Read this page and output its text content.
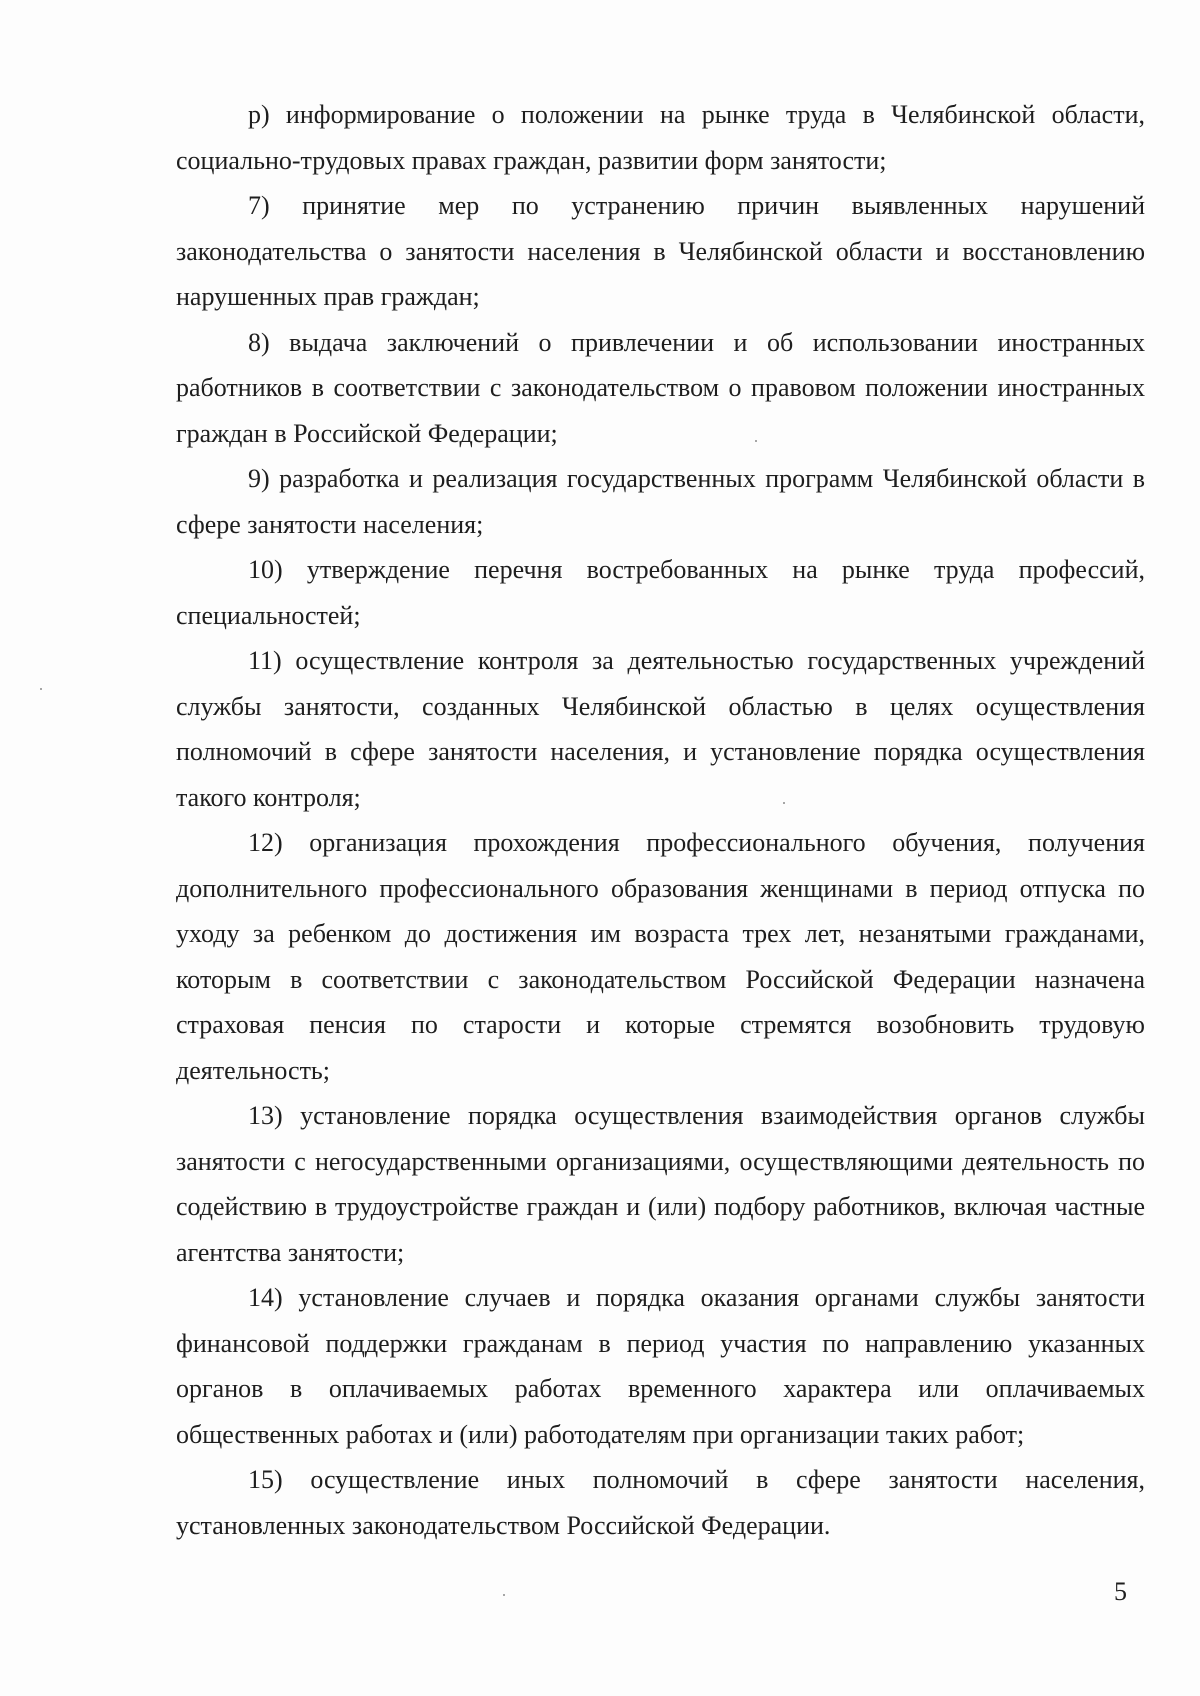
р) информирование о положении на рынке труда в Челябинской области, социально-трудовых правах граждан, развитии форм занятости;

7) принятие мер по устранению причин выявленных нарушений законодательства о занятости населения в Челябинской области и восстановлению нарушенных прав граждан;

8) выдача заключений о привлечении и об использовании иностранных работников в соответствии с законодательством о правовом положении иностранных граждан в Российской Федерации;

9) разработка и реализация государственных программ Челябинской области в сфере занятости населения;

10) утверждение перечня востребованных на рынке труда профессий, специальностей;

11) осуществление контроля за деятельностью государственных учреждений службы занятости, созданных Челябинской областью в целях осуществления полномочий в сфере занятости населения, и установление порядка осуществления такого контроля;

12) организация прохождения профессионального обучения, получения дополнительного профессионального образования женщинами в период отпуска по уходу за ребенком до достижения им возраста трех лет, незанятыми гражданами, которым в соответствии с законодательством Российской Федерации назначена страховая пенсия по старости и которые стремятся возобновить трудовую деятельность;

13) установление порядка осуществления взаимодействия органов службы занятости с негосударственными организациями, осуществляющими деятельность по содействию в трудоустройстве граждан и (или) подбору работников, включая частные агентства занятости;

14) установление случаев и порядка оказания органами службы занятости финансовой поддержки гражданам в период участия по направлению указанных органов в оплачиваемых работах временного характера или оплачиваемых общественных работах и (или) работодателям при организации таких работ;

15) осуществление иных полномочий в сфере занятости населения, установленных законодательством Российской Федерации.

5
